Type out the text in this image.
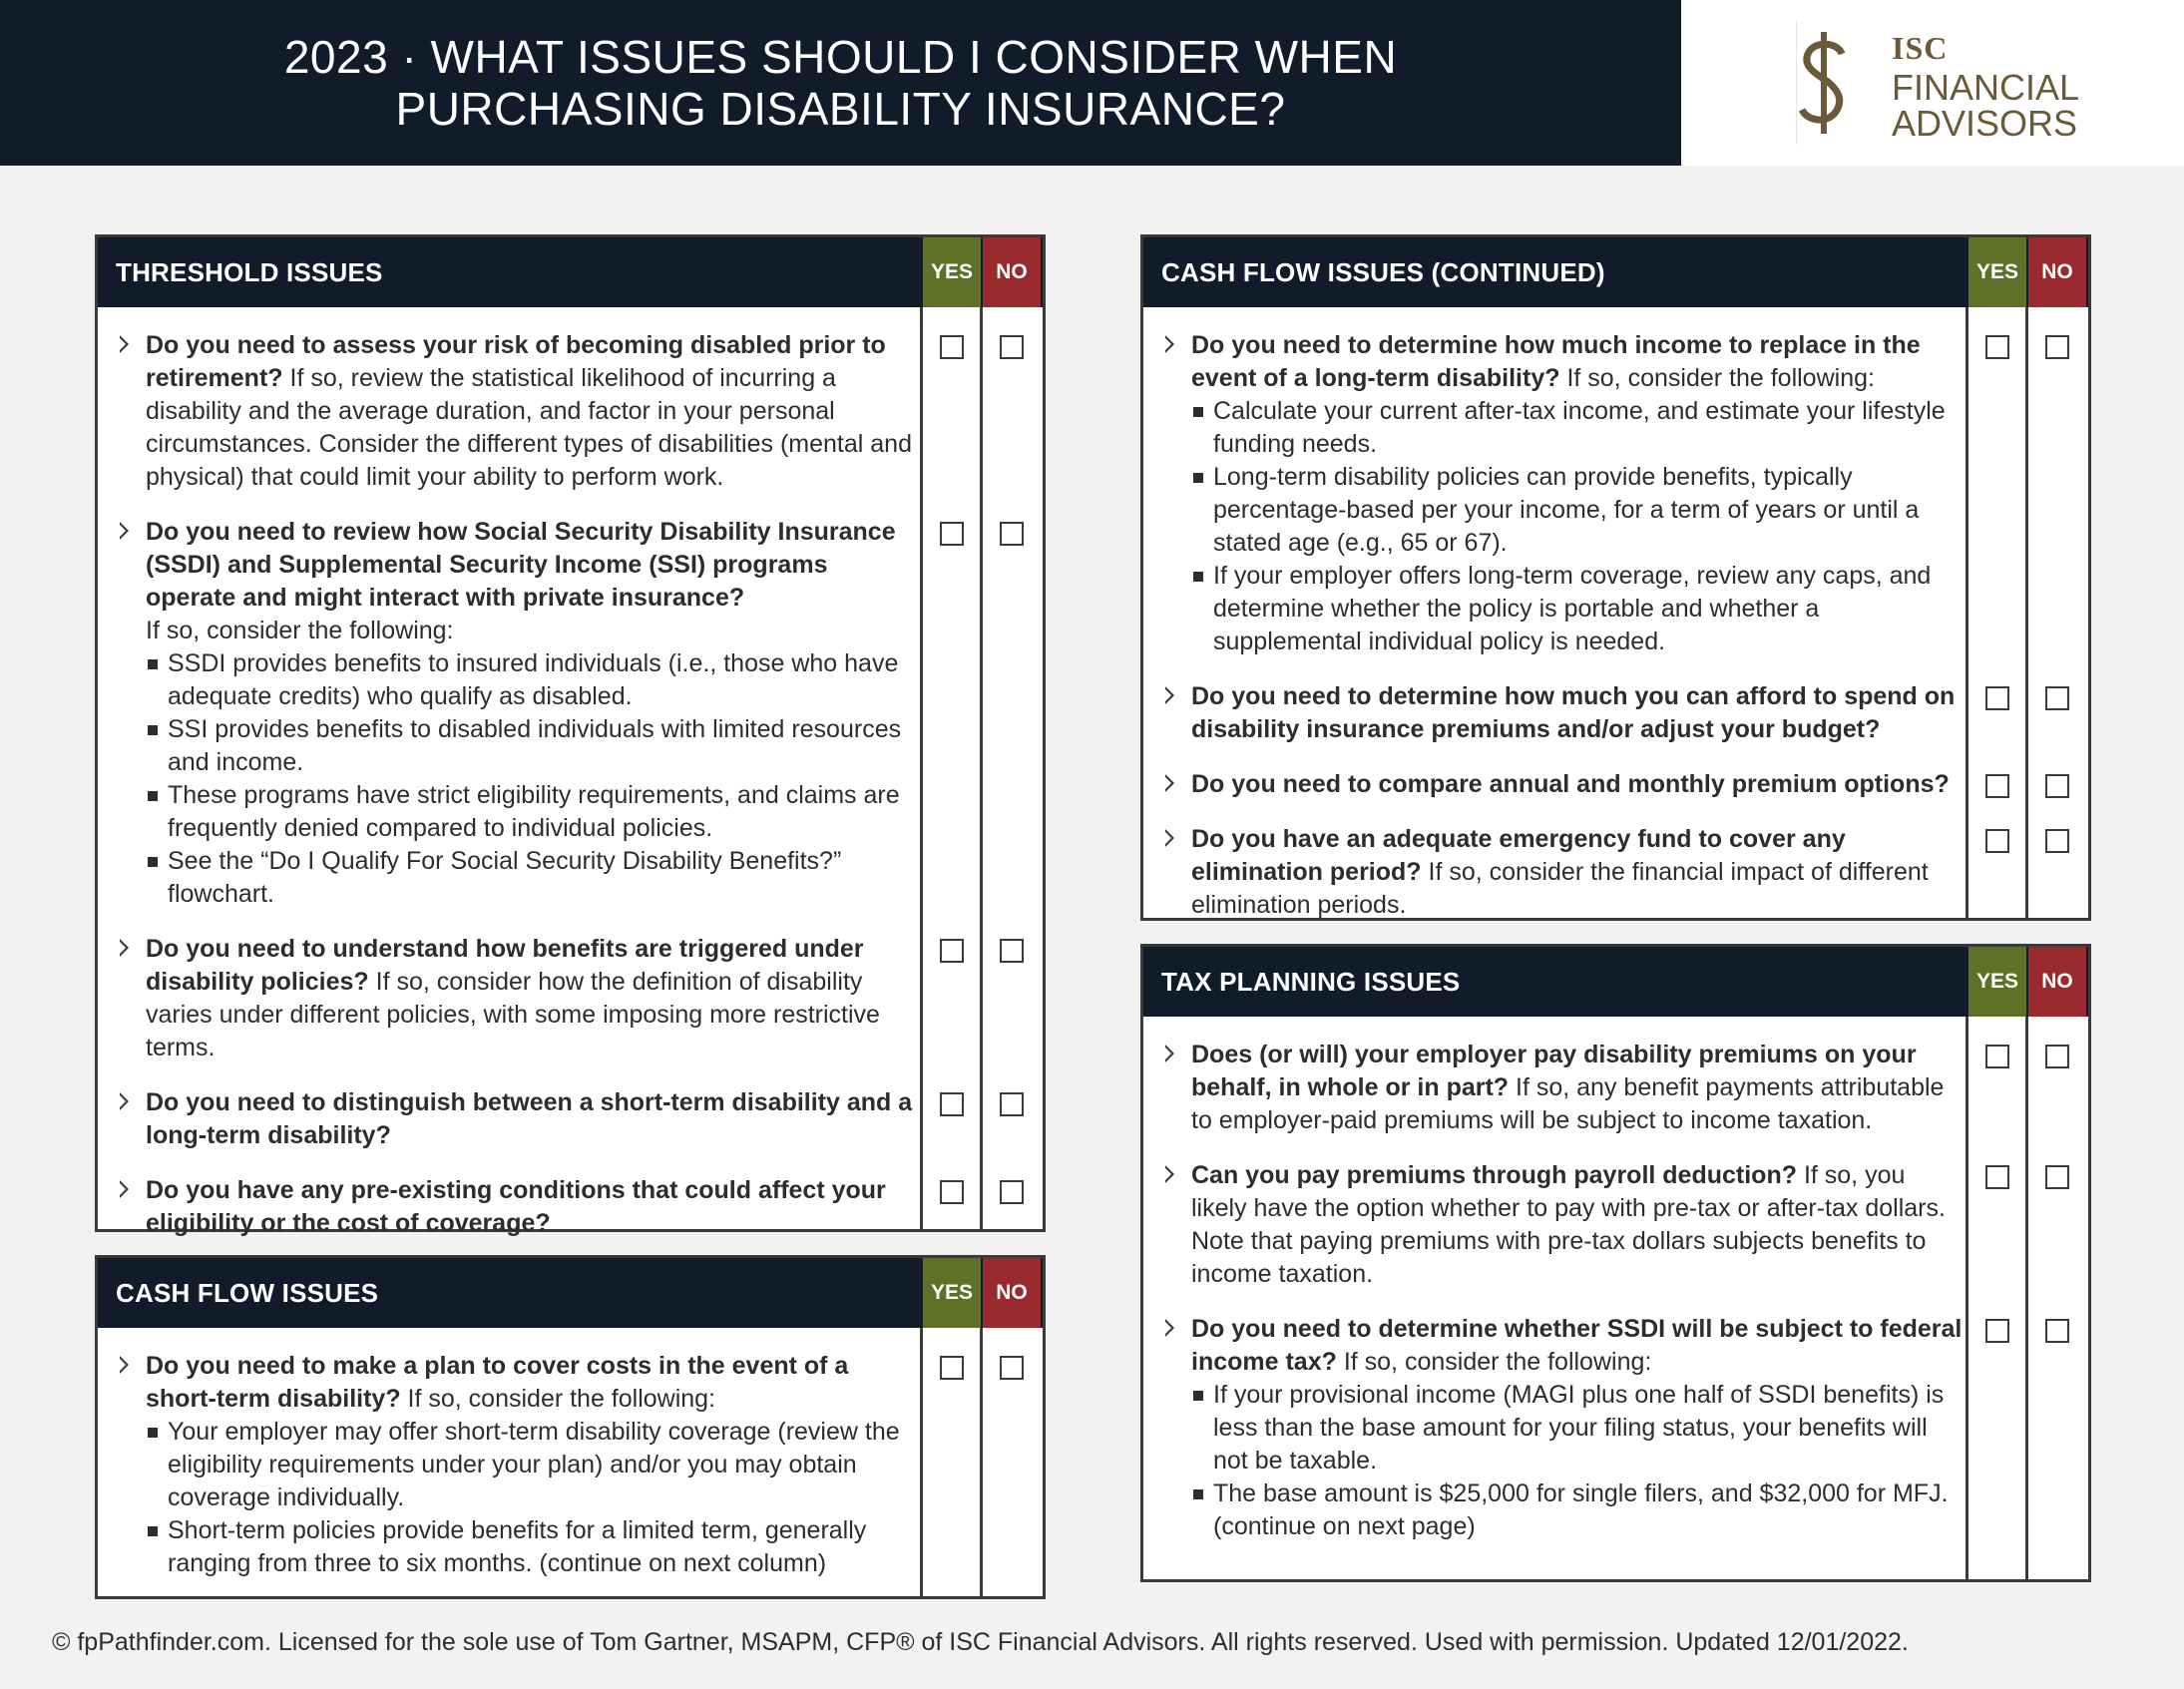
2023 · WHAT ISSUES SHOULD I CONSIDER WHEN
PURCHASING DISABILITY INSURANCE?
ISC
FINANCIAL
ADVISORS
THRESHOLD ISSUES	YES	NO
Do you need to assess your risk of becoming disabled prior to retirement? If so, review the statistical likelihood of incurring a disability and the average duration, and factor in your personal circumstances. Consider the different types of disabilities (mental and physical) that could limit your ability to perform work.
Do you need to review how Social Security Disability Insurance (SSDI) and Supplemental Security Income (SSI) programs operate and might interact with private insurance?
If so, consider the following:
SSDI provides benefits to insured individuals (i.e., those who have adequate credits) who qualify as disabled.
SSI provides benefits to disabled individuals with limited resources and income.
These programs have strict eligibility requirements, and claims are frequently denied compared to individual policies.
See the “Do I Qualify For Social Security Disability Benefits?” flowchart.
Do you need to understand how benefits are triggered under disability policies? If so, consider how the definition of disability varies under different policies, with some imposing more restrictive terms.
Do you need to distinguish between a short-term disability and a long-term disability?
Do you have any pre-existing conditions that could affect your eligibility or the cost of coverage?
CASH FLOW ISSUES	YES	NO
Do you need to make a plan to cover costs in the event of a short-term disability? If so, consider the following:
Your employer may offer short-term disability coverage (review the eligibility requirements under your plan) and/or you may obtain coverage individually.
Short-term policies provide benefits for a limited term, generally ranging from three to six months. (continue on next column)
CASH FLOW ISSUES (CONTINUED)	YES	NO
Do you need to determine how much income to replace in the event of a long-term disability? If so, consider the following:
Calculate your current after-tax income, and estimate your lifestyle funding needs.
Long-term disability policies can provide benefits, typically percentage-based per your income, for a term of years or until a stated age (e.g., 65 or 67).
If your employer offers long-term coverage, review any caps, and determine whether the policy is portable and whether a supplemental individual policy is needed.
Do you need to determine how much you can afford to spend on disability insurance premiums and/or adjust your budget?
Do you need to compare annual and monthly premium options?
Do you have an adequate emergency fund to cover any elimination period? If so, consider the financial impact of different elimination periods.
TAX PLANNING ISSUES	YES	NO
Does (or will) your employer pay disability premiums on your behalf, in whole or in part? If so, any benefit payments attributable to employer-paid premiums will be subject to income taxation.
Can you pay premiums through payroll deduction? If so, you likely have the option whether to pay with pre-tax or after-tax dollars. Note that paying premiums with pre-tax dollars subjects benefits to income taxation.
Do you need to determine whether SSDI will be subject to federal income tax? If so, consider the following:
If your provisional income (MAGI plus one half of SSDI benefits) is less than the base amount for your filing status, your benefits will not be taxable.
The base amount is $25,000 for single filers, and $32,000 for MFJ. (continue on next page)
© fpPathfinder.com. Licensed for the sole use of Tom Gartner, MSAPM, CFP® of ISC Financial Advisors. All rights reserved. Used with permission. Updated 12/01/2022.
